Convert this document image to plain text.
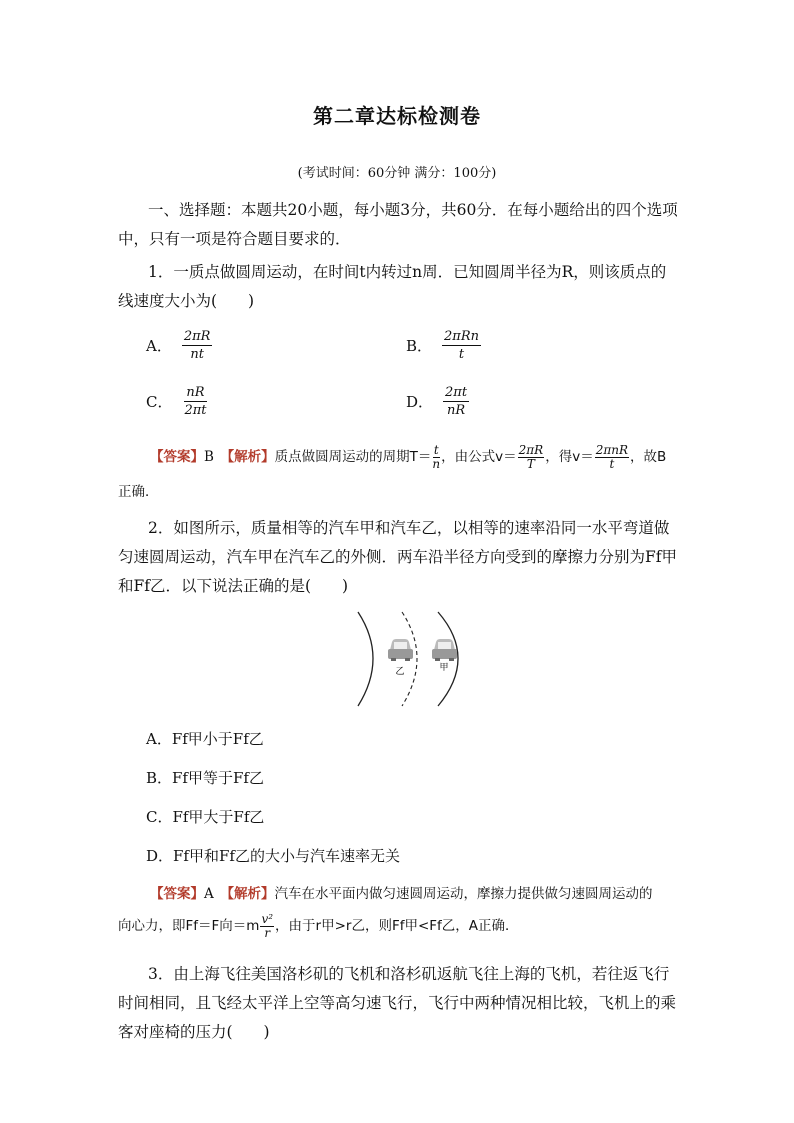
第二章达标检测卷
(考试时间：60分钟 满分：100分)
一、选择题：本题共20小题，每小题3分，共60分．在每小题给出的四个选项中，只有一项是符合题目要求的．
1．一质点做圆周运动，在时间t内转过n周．已知圆周半径为R，则该质点的线速度大小为(　　)
A． $\frac{2\pi R}{nt}$	B． $\frac{\text{2πRn}}{t}$
C． $\frac{nR}{2\pi t}$	D． $\frac{2\pi t}{nR}$
【答案】B　 【解析】质点做圆周运动的周期$T= \frac{t}{n}$ ，由公式$v= \frac{2\pi R}{T}$ ，得v＝ 2πnR
t ，故B
正确．
2．如图所示，质量相等的汽车甲和汽车乙，以相等的速率沿同一水平弯道做匀速圆周运动，汽车甲在汽车乙的外侧．两车沿半径方向受到的摩擦力分别为Ff甲和Ff乙．以下说法正确的是(　　)
乙	甲
A．Ff甲小于Ff乙
B．Ff甲等于Ff乙
C．Ff甲大于Ff乙
D．Ff甲和Ff乙的大小与汽车速率无关
【答案】A　 【解析】汽车在水平面内做匀速圆周运动，摩擦力提供做匀速圆周运动的
向心力，即Ff＝F向$=m \frac{\text{v²}}{r}$ ，由于r甲>r乙，则Ff甲<Ff乙，A正确．
3．由上海飞往美国洛杉矶的飞机和洛杉矶返航飞往上海的飞机，若往返飞行时间相同，且飞经太平洋上空等高匀速飞行，飞行中两种情况相比较，飞机上的乘客对座椅的压力(　　)
